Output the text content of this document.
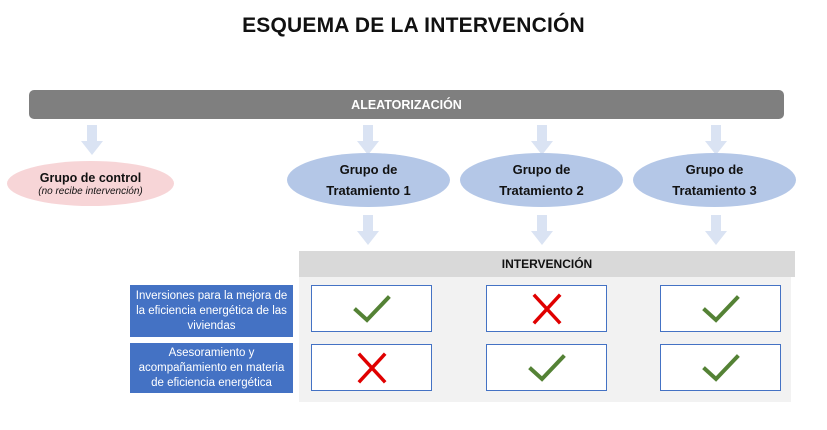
ESQUEMA DE LA INTERVENCIÓN
ALEATORIZACIÓN
Grupo de control
(no recibe intervención)
Grupo de
Tratamiento 1
Grupo de
Tratamiento 2
Grupo de
Tratamiento 3
INTERVENCIÓN
Inversiones para la mejora de la eficiencia energética de las viviendas
Asesoramiento y acompañamiento en materia de eficiencia energética
